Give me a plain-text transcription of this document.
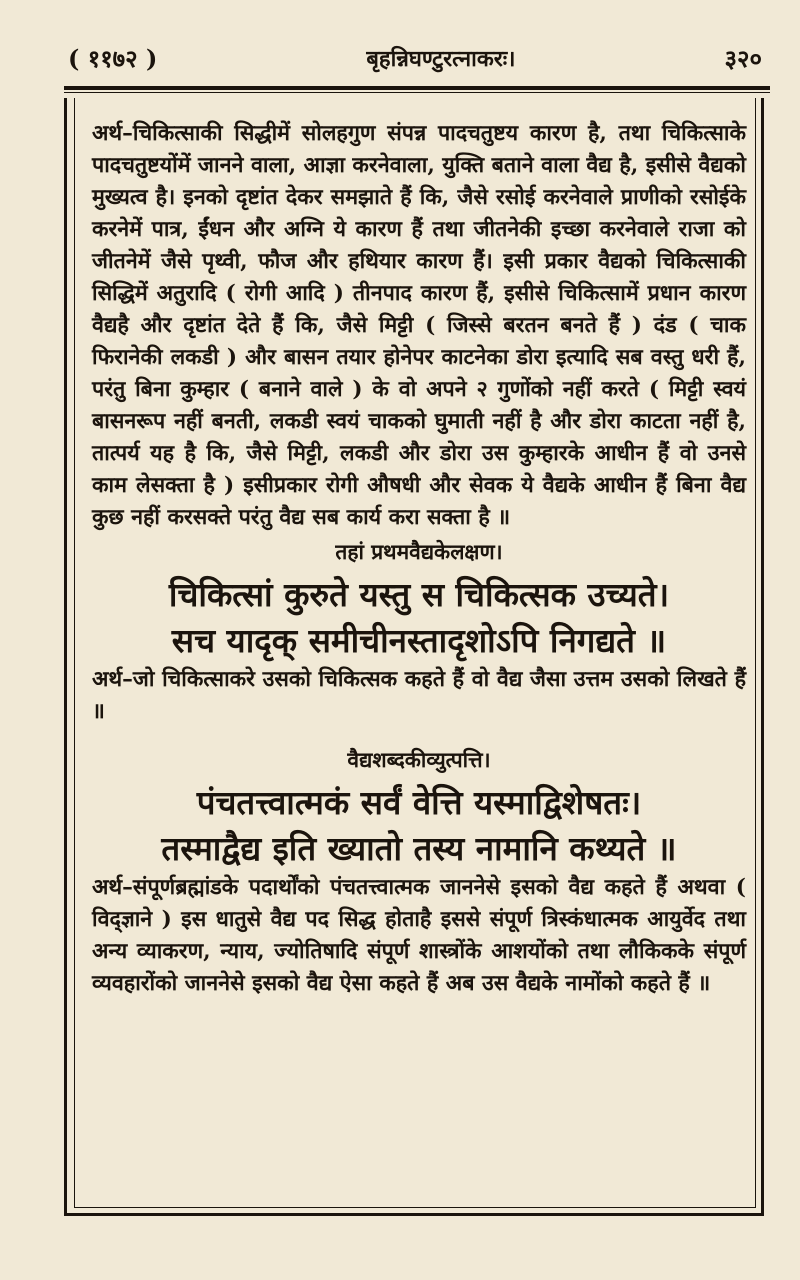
( ११७२ )	बृहन्निघण्टुरत्नाकरः।	३२०

अर्थ–चिकित्साकी सिद्धीमें सोलहगुण संपन्न पादचतुष्टय कारण है, तथा चिकित्साके पादचतुष्टयोंमें जानने वाला, आज्ञा करनेवाला, युक्ति बताने वाला वैद्य है, इसीसे वैद्यको मुख्यत्व है। इनको दृष्टांत देकर समझाते हैं कि, जैसे रसोई करनेवाले प्राणीको रसोईके करनेमें पात्र, ईंधन और अग्नि ये कारण हैं तथा जीतनेकी इच्छा करनेवाले राजा को जीतनेमें जैसे पृथ्वी, फौज और हथियार कारण हैं। इसी प्रकार वैद्यको चिकित्साकी सिद्धिमें अतुरादि ( रोगी आदि ) तीनपाद कारण हैं, इसीसे चिकित्सामें प्रधान कारण वैद्यहै और दृष्टांत देते हैं कि, जैसे मिट्टी ( जिस्से बरतन बनते हैं ) दंड ( चाक फिरानेकी लकडी ) और बासन तयार होनेपर काटनेका डोरा इत्यादि सब वस्तु धरी हैं, परंतु बिना कुम्हार ( बनाने वाले ) के वो अपने २ गुणोंको नहीं करते ( मिट्टी स्वयं बासनरूप नहीं बनती, लकडी स्वयं चाकको घुमाती नहीं है और डोरा काटता नहीं है, तात्पर्य यह है कि, जैसे मिट्टी, लकडी और डोरा उस कुम्हारके आधीन हैं वो उनसे काम लेसक्ता है ) इसीप्रकार रोगी औषधी और सेवक ये वैद्यके आधीन हैं बिना वैद्य कुछ नहीं करसक्ते परंतु वैद्य सब कार्य करा सक्ता है ॥

तहां प्रथमवैद्यकेलक्षण।

चिकित्सां कुरुते यस्तु स चिकित्सक उच्यते।

सच यादृक् समीचीनस्तादृशोऽपि निगद्यते ॥

अर्थ–जो चिकित्साकरे उसको चिकित्सक कहते हैं वो वैद्य जैसा उत्तम उसको लिखते हैं ॥

वैद्यशब्दकीव्युत्पत्ति।

पंचतत्त्वात्मकं सर्वं वेत्ति यस्माद्विशेषतः।

तस्माद्वैद्य इति ख्यातो तस्य नामानि कथ्यते ॥

अर्थ–संपूर्णब्रह्मांडके पदार्थोंको पंचतत्त्वात्मक जाननेसे इसको वैद्य कहते हैं अथवा ( विद्ज्ञाने ) इस धातुसे वैद्य पद सिद्ध होताहै इससे संपूर्ण त्रिस्कंधात्मक आयुर्वेद तथा अन्य व्याकरण, न्याय, ज्योतिषादि संपूर्ण शास्त्रोंके आशयोंको तथा लौकिकके संपूर्ण व्यवहारोंको जाननेसे इसको वैद्य ऐसा कहते हैं अब उस वैद्यके नामोंको कहते हैं ॥
